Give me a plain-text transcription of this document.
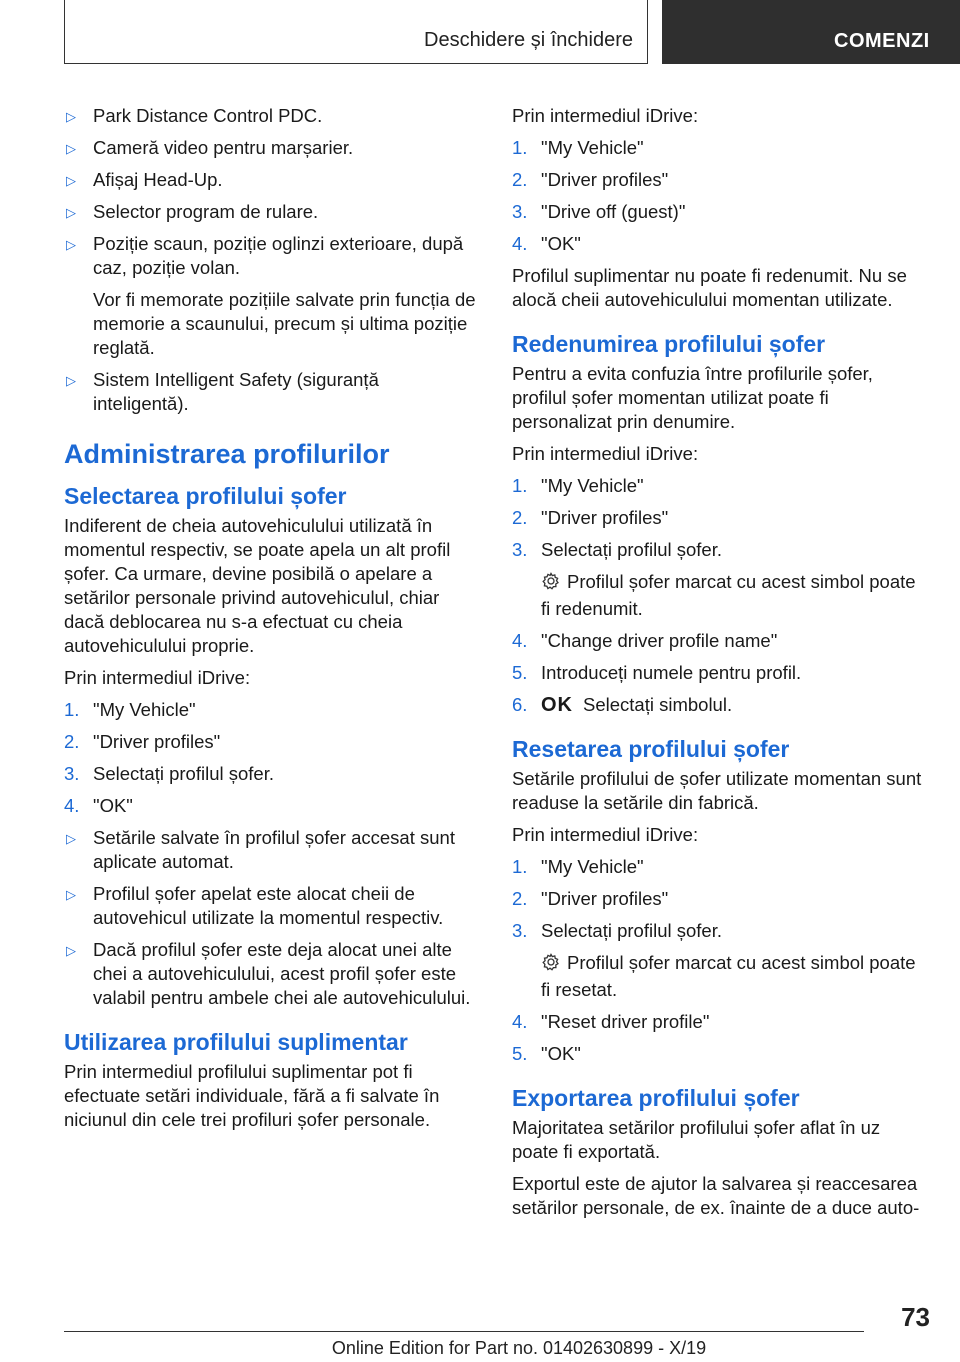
Deschidere și închidere	COMENZI
▷ Park Distance Control PDC.
▷ Cameră video pentru marșarier.
▷ Afișaj Head-Up.
▷ Selector program de rulare.
▷ Poziție scaun, poziție oglinzi exterioare, după caz, poziție volan.
Vor fi memorate pozițiile salvate prin funcția de memorie a scaunului, precum și ultima poziție reglată.
▷ Sistem Intelligent Safety (siguranță inteligentă).
Administrarea profilurilor
Selectarea profilului șofer
Indiferent de cheia autovehiculului utilizată în momentul respectiv, se poate apela un alt profil șofer. Ca urmare, devine posibilă o apelare a setărilor personale privind autovehiculul, chiar dacă deblocarea nu s-a efectuat cu cheia autovehiculului proprie.
Prin intermediul iDrive:
1. "My Vehicle"
2. "Driver profiles"
3. Selectați profilul șofer.
4. "OK"
▷ Setările salvate în profilul șofer accesat sunt aplicate automat.
▷ Profilul șofer apelat este alocat cheii de autovehicul utilizate la momentul respectiv.
▷ Dacă profilul șofer este deja alocat unei alte chei a autovehiculului, acest profil șofer este valabil pentru ambele chei ale autovehiculului.
Utilizarea profilului suplimentar
Prin intermediul profilului suplimentar pot fi efectuate setări individuale, fără a fi salvate în niciunul din cele trei profiluri șofer personale.
Prin intermediul iDrive:
1. "My Vehicle"
2. "Driver profiles"
3. "Drive off (guest)"
4. "OK"
Profilul suplimentar nu poate fi redenumit. Nu se alocă cheii autovehiculului momentan utilizate.
Redenumirea profilului șofer
Pentru a evita confuzia între profilurile șofer, profilul șofer momentan utilizat poate fi personalizat prin denumire.
Prin intermediul iDrive:
1. "My Vehicle"
2. "Driver profiles"
3. Selectați profilul șofer.
Profilul șofer marcat cu acest simbol poate fi redenumit.
4. "Change driver profile name"
5. Introduceți numele pentru profil.
6. OK Selectați simbolul.
Resetarea profilului șofer
Setările profilului de șofer utilizate momentan sunt readuse la setările din fabrică.
Prin intermediul iDrive:
1. "My Vehicle"
2. "Driver profiles"
3. Selectați profilul șofer.
Profilul șofer marcat cu acest simbol poate fi resetat.
4. "Reset driver profile"
5. "OK"
Exportarea profilului șofer
Majoritatea setărilor profilului șofer aflat în uz poate fi exportată.
Exportul este de ajutor la salvarea și reaccesarea setărilor personale, de ex. înainte de a duce auto-
73
Online Edition for Part no. 01402630899 - X/19
